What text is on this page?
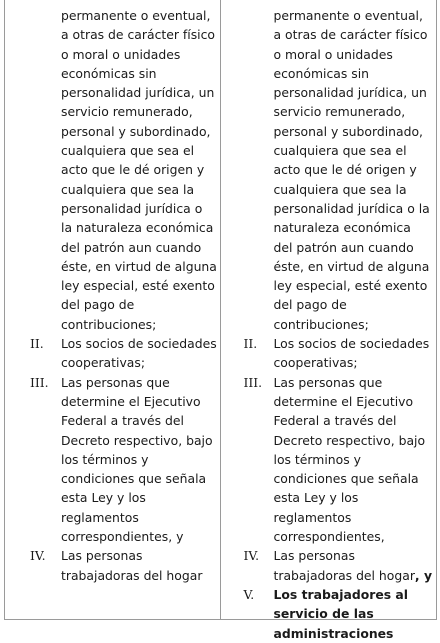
permanente o eventual, a otras de carácter físico o moral o unidades económicas sin personalidad jurídica, un servicio remunerado, personal y subordinado, cualquiera que sea el acto que le dé origen y cualquiera que sea la personalidad jurídica o la naturaleza económica del patrón aun cuando éste, en virtud de alguna ley especial, esté exento del pago de contribuciones;
II. Los socios de sociedades cooperativas;
III. Las personas que determine el Ejecutivo Federal a través del Decreto respectivo, bajo los términos y condiciones que señala esta Ley y los reglamentos correspondientes, y
IV. Las personas trabajadoras del hogar
permanente o eventual, a otras de carácter físico o moral o unidades económicas sin personalidad jurídica, un servicio remunerado, personal y subordinado, cualquiera que sea el acto que le dé origen y cualquiera que sea la personalidad jurídica o la naturaleza económica del patrón aun cuando éste, en virtud de alguna ley especial, esté exento del pago de contribuciones;
II. Los socios de sociedades cooperativas;
III. Las personas que determine el Ejecutivo Federal a través del Decreto respectivo, bajo los términos y condiciones que señala esta Ley y los reglamentos correspondientes,
IV. Las personas trabajadoras del hogar, y
V. Los trabajadores al servicio de las administraciones
